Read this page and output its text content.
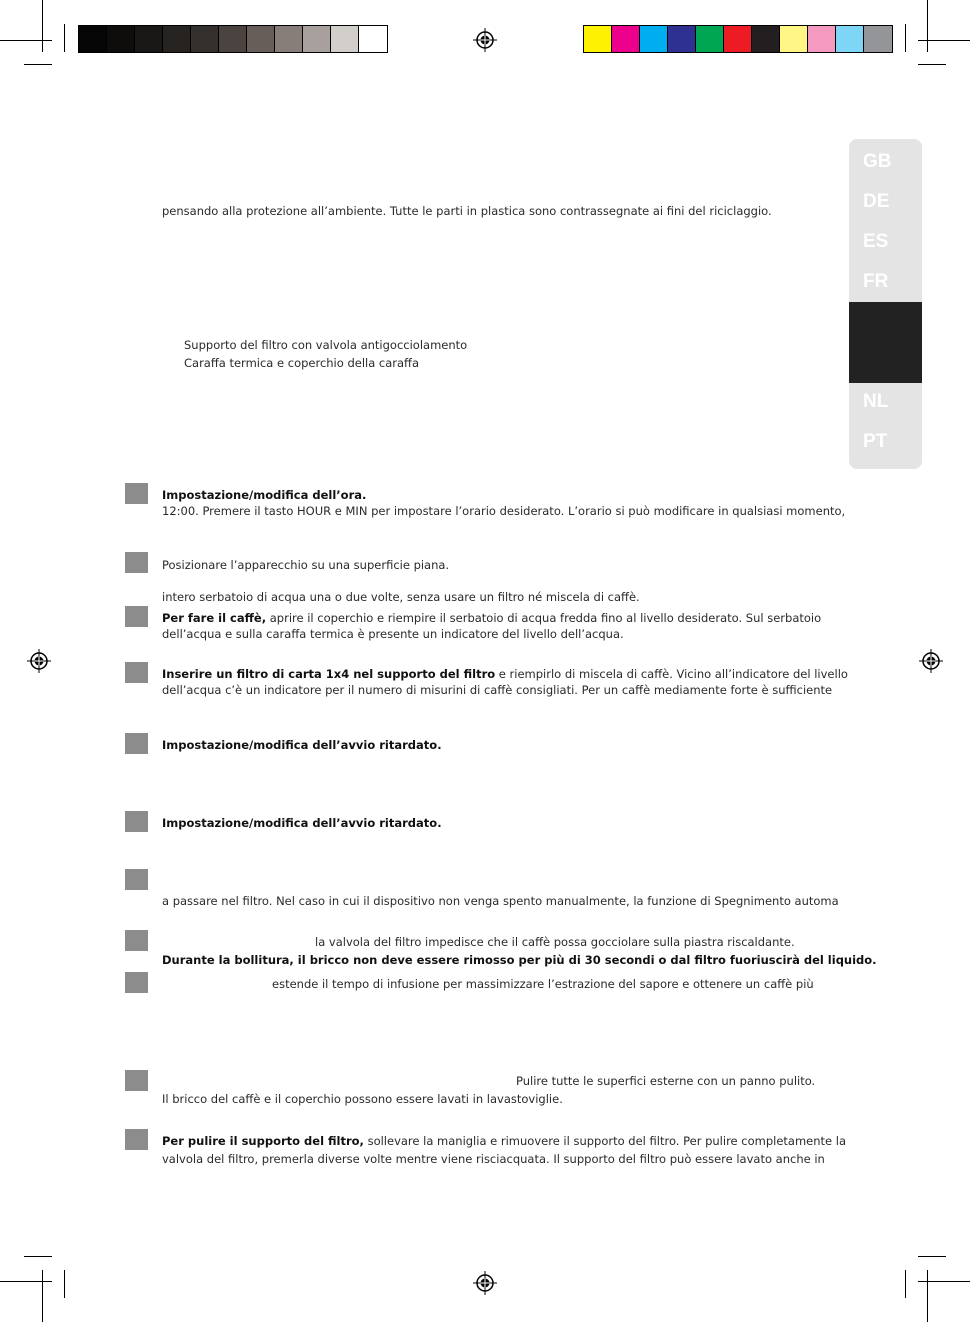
GB
DE
ES
FR
NL
PT
pensando alla protezione all’ambiente. Tutte le parti in plastica sono contrassegnate ai fini del riciclaggio.
Supporto del filtro con valvola antigocciolamento
Caraffa termica e coperchio della caraffa
Impostazione/modifica dell’ora.
12:00. Premere il tasto HOUR e MIN per impostare l’orario desiderato. L’orario si può modificare in qualsiasi momento,
Posizionare l’apparecchio su una superficie piana.
intero serbatoio di acqua una o due volte, senza usare un filtro né miscela di caffè.
Per fare il caffè, aprire il coperchio e riempire il serbatoio di acqua fredda fino al livello desiderato. Sul serbatoio
dell’acqua e sulla caraffa termica è presente un indicatore del livello dell’acqua.
Inserire un filtro di carta 1x4 nel supporto del filtro e riempirlo di miscela di caffè. Vicino all’indicatore del livello
dell’acqua c’è un indicatore per il numero di misurini di caffè consigliati. Per un caffè mediamente forte è sufficiente
Impostazione/modifica dell’avvio ritardato.
Impostazione/modifica dell’avvio ritardato.
a passare nel filtro. Nel caso in cui il dispositivo non venga spento manualmente, la funzione di Spegnimento automa
la valvola del filtro impedisce che il caffè possa gocciolare sulla piastra riscaldante.
Durante la bollitura, il bricco non deve essere rimosso per più di 30 secondi o dal filtro fuoriuscirà del liquido.
estende il tempo di infusione per massimizzare l’estrazione del sapore e ottenere un caffè più
Pulire tutte le superfici esterne con un panno pulito.
Il bricco del caffè e il coperchio possono essere lavati in lavastoviglie.
Per pulire il supporto del filtro, sollevare la maniglia e rimuovere il supporto del filtro. Per pulire completamente la
valvola del filtro, premerla diverse volte mentre viene risciacquata. Il supporto del filtro può essere lavato anche in
